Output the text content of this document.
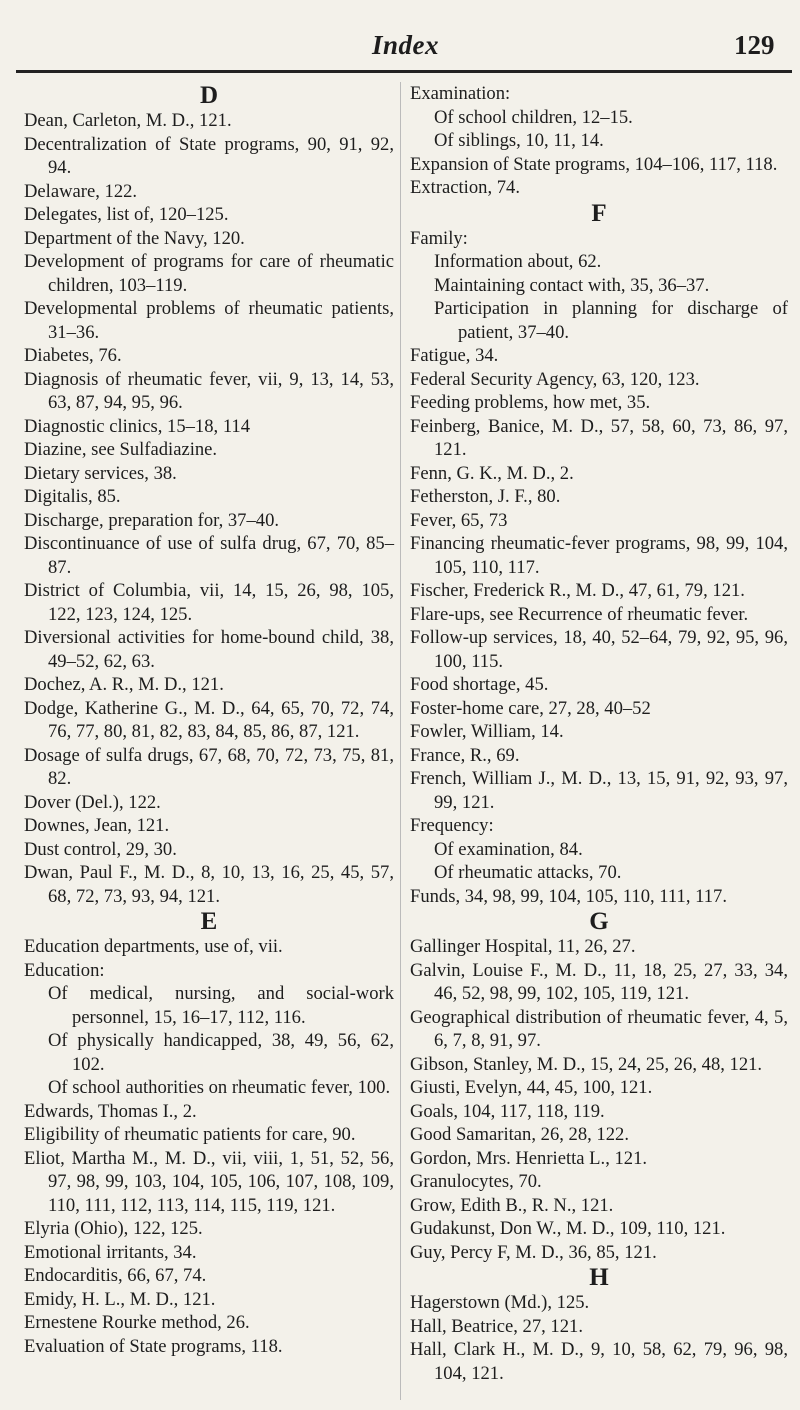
Index	129
D
Dean, Carleton, M. D., 121.
Decentralization of State programs, 90, 91, 92, 94.
Delaware, 122.
Delegates, list of, 120–125.
Department of the Navy, 120.
Development of programs for care of rheumatic children, 103–119.
Developmental problems of rheumatic patients, 31–36.
Diabetes, 76.
Diagnosis of rheumatic fever, vii, 9, 13, 14, 53, 63, 87, 94, 95, 96.
Diagnostic clinics, 15–18, 114
Diazine, see Sulfadiazine.
Dietary services, 38.
Digitalis, 85.
Discharge, preparation for, 37–40.
Discontinuance of use of sulfa drug, 67, 70, 85–87.
District of Columbia, vii, 14, 15, 26, 98, 105, 122, 123, 124, 125.
Diversional activities for home-bound child, 38, 49–52, 62, 63.
Dochez, A. R., M. D., 121.
Dodge, Katherine G., M. D., 64, 65, 70, 72, 74, 76, 77, 80, 81, 82, 83, 84, 85, 86, 87, 121.
Dosage of sulfa drugs, 67, 68, 70, 72, 73, 75, 81, 82.
Dover (Del.), 122.
Downes, Jean, 121.
Dust control, 29, 30.
Dwan, Paul F., M. D., 8, 10, 13, 16, 25, 45, 57, 68, 72, 73, 93, 94, 121.
E
Education departments, use of, vii.
Education:
Of medical, nursing, and social-work personnel, 15, 16–17, 112, 116.
Of physically handicapped, 38, 49, 56, 62, 102.
Of school authorities on rheumatic fever, 100.
Edwards, Thomas I., 2.
Eligibility of rheumatic patients for care, 90.
Eliot, Martha M., M. D., vii, viii, 1, 51, 52, 56, 97, 98, 99, 103, 104, 105, 106, 107, 108, 109, 110, 111, 112, 113, 114, 115, 119, 121.
Elyria (Ohio), 122, 125.
Emotional irritants, 34.
Endocarditis, 66, 67, 74.
Emidy, H. L., M. D., 121.
Ernestene Rourke method, 26.
Evaluation of State programs, 118.
Examination:
Of school children, 12–15.
Of siblings, 10, 11, 14.
Expansion of State programs, 104–106, 117, 118.
Extraction, 74.
F
Family:
Information about, 62.
Maintaining contact with, 35, 36–37.
Participation in planning for discharge of patient, 37–40.
Fatigue, 34.
Federal Security Agency, 63, 120, 123.
Feeding problems, how met, 35.
Feinberg, Banice, M. D., 57, 58, 60, 73, 86, 97, 121.
Fenn, G. K., M. D., 2.
Fetherston, J. F., 80.
Fever, 65, 73
Financing rheumatic-fever programs, 98, 99, 104, 105, 110, 117.
Fischer, Frederick R., M. D., 47, 61, 79, 121.
Flare-ups, see Recurrence of rheumatic fever.
Follow-up services, 18, 40, 52–64, 79, 92, 95, 96, 100, 115.
Food shortage, 45.
Foster-home care, 27, 28, 40–52
Fowler, William, 14.
France, R., 69.
French, William J., M. D., 13, 15, 91, 92, 93, 97, 99, 121.
Frequency:
Of examination, 84.
Of rheumatic attacks, 70.
Funds, 34, 98, 99, 104, 105, 110, 111, 117.
G
Gallinger Hospital, 11, 26, 27.
Galvin, Louise F., M. D., 11, 18, 25, 27, 33, 34, 46, 52, 98, 99, 102, 105, 119, 121.
Geographical distribution of rheumatic fever, 4, 5, 6, 7, 8, 91, 97.
Gibson, Stanley, M. D., 15, 24, 25, 26, 48, 121.
Giusti, Evelyn, 44, 45, 100, 121.
Goals, 104, 117, 118, 119.
Good Samaritan, 26, 28, 122.
Gordon, Mrs. Henrietta L., 121.
Granulocytes, 70.
Grow, Edith B., R. N., 121.
Gudakunst, Don W., M. D., 109, 110, 121.
Guy, Percy F, M. D., 36, 85, 121.
H
Hagerstown (Md.), 125.
Hall, Beatrice, 27, 121.
Hall, Clark H., M. D., 9, 10, 58, 62, 79, 96, 98, 104, 121.
